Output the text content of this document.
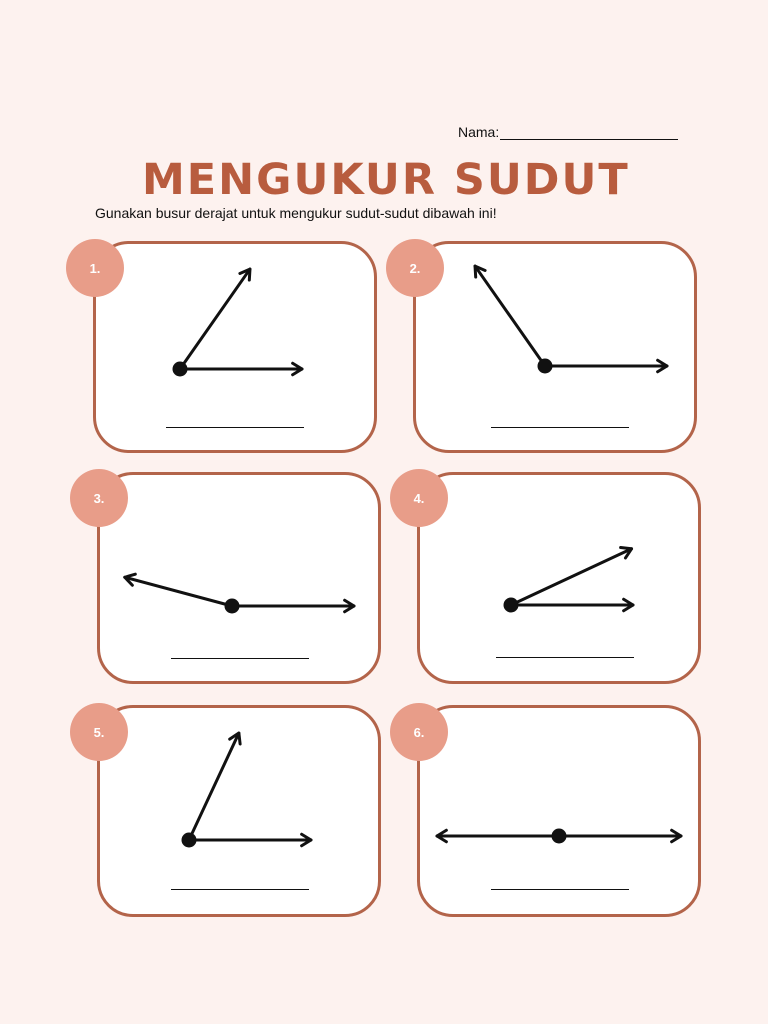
Nama:
MENGUKUR SUDUT
Gunakan busur derajat untuk mengukur sudut-sudut dibawah ini!
1.	2.
3.	4.
5.	6.
